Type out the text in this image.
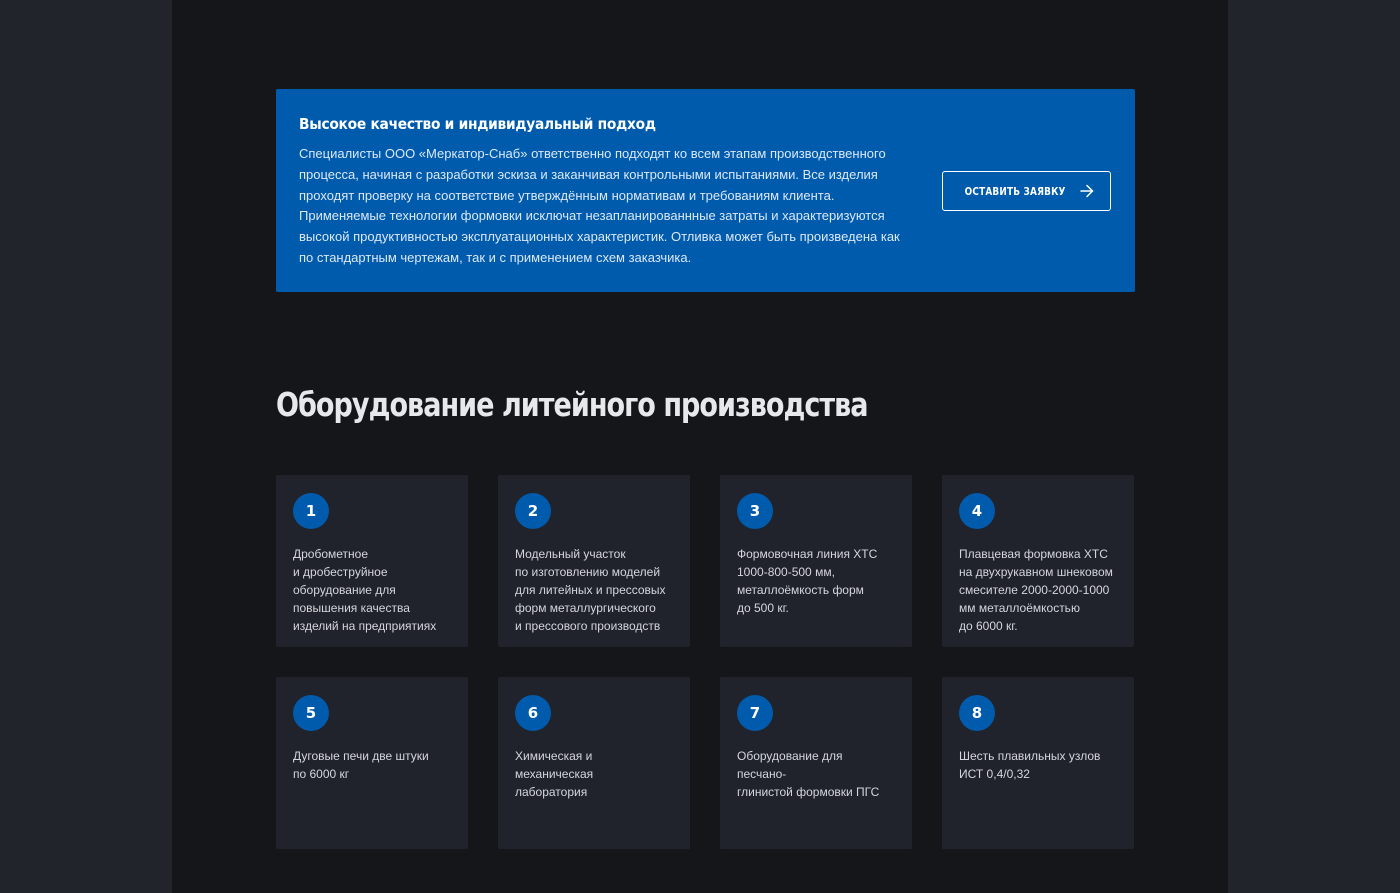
Высокое качество и индивидуальный подход
Специалисты ООО «Меркатор-Снаб» ответственно подходят ко всем этапам производственного процесса, начиная с разработки эскиза и заканчивая контрольными испытаниями. Все изделия проходят проверку на соответствие утверждённым нормативам и требованиям клиента. Применяемые технологии формовки исключат незапланированнные затраты и характеризуются высокой продуктивностью эксплуатационных характеристик. Отливка может быть произведена как по стандартным чертежам, так и с применением схем заказчика.
ОСТАВИТЬ ЗАЯВКУ
Оборудование литейного производства
1
Дробометное
и дробеструйное
оборудование для
повышения качества
изделий на предприятиях
2
Модельный участок
по изготовлению моделей
для литейных и прессовых
форм металлургического
и прессового производств
3
Формовочная линия ХТС
1000-800-500 мм,
металлоёмкость форм
до 500 кг.
4
Плавцевая формовка ХТС
на двухрукавном шнековом
смесителе 2000-2000-1000
мм металлоёмкостью
до 6000 кг.
5
Дуговые печи две штуки
по 6000 кг
6
Химическая и механическая
лаборатория
7
Оборудование для песчано-
глинистой формовки ПГС
8
Шесть плавильных узлов
ИСТ 0,4/0,32
